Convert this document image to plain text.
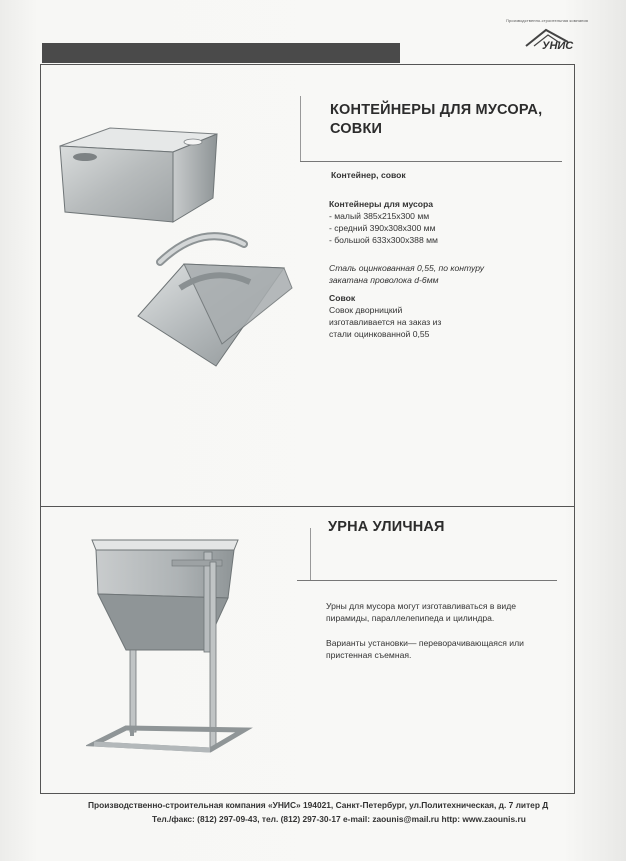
Производственно-строительная компания
УНИС
КОНТЕЙНЕРЫ ДЛЯ МУСОРА,
СОВКИ
Контейнер, совок
Контейнеры для мусора
- малый 385х215х300 мм
- средний 390х308х300 мм
- большой 633х300х388 мм
Сталь оцинкованная 0,55, по контуру
закатана проволока d-6мм
Совок
Совок дворницкий
изготавливается на заказ из
стали оцинкованной 0,55
УРНА УЛИЧНАЯ
Урны для мусора могут изготавливаться в виде
пирамиды, параллелепипеда и цилиндра.
Варианты установки— переворачивающаяся или
пристенная съемная.
Производственно-строительная компания «УНИС» 194021, Санкт-Петербург, ул.Политехническая, д. 7 литер Д
Тел./факс: (812) 297-09-43, тел. (812) 297-30-17 e-mail: zaounis@mail.ru http: www.zaounis.ru
